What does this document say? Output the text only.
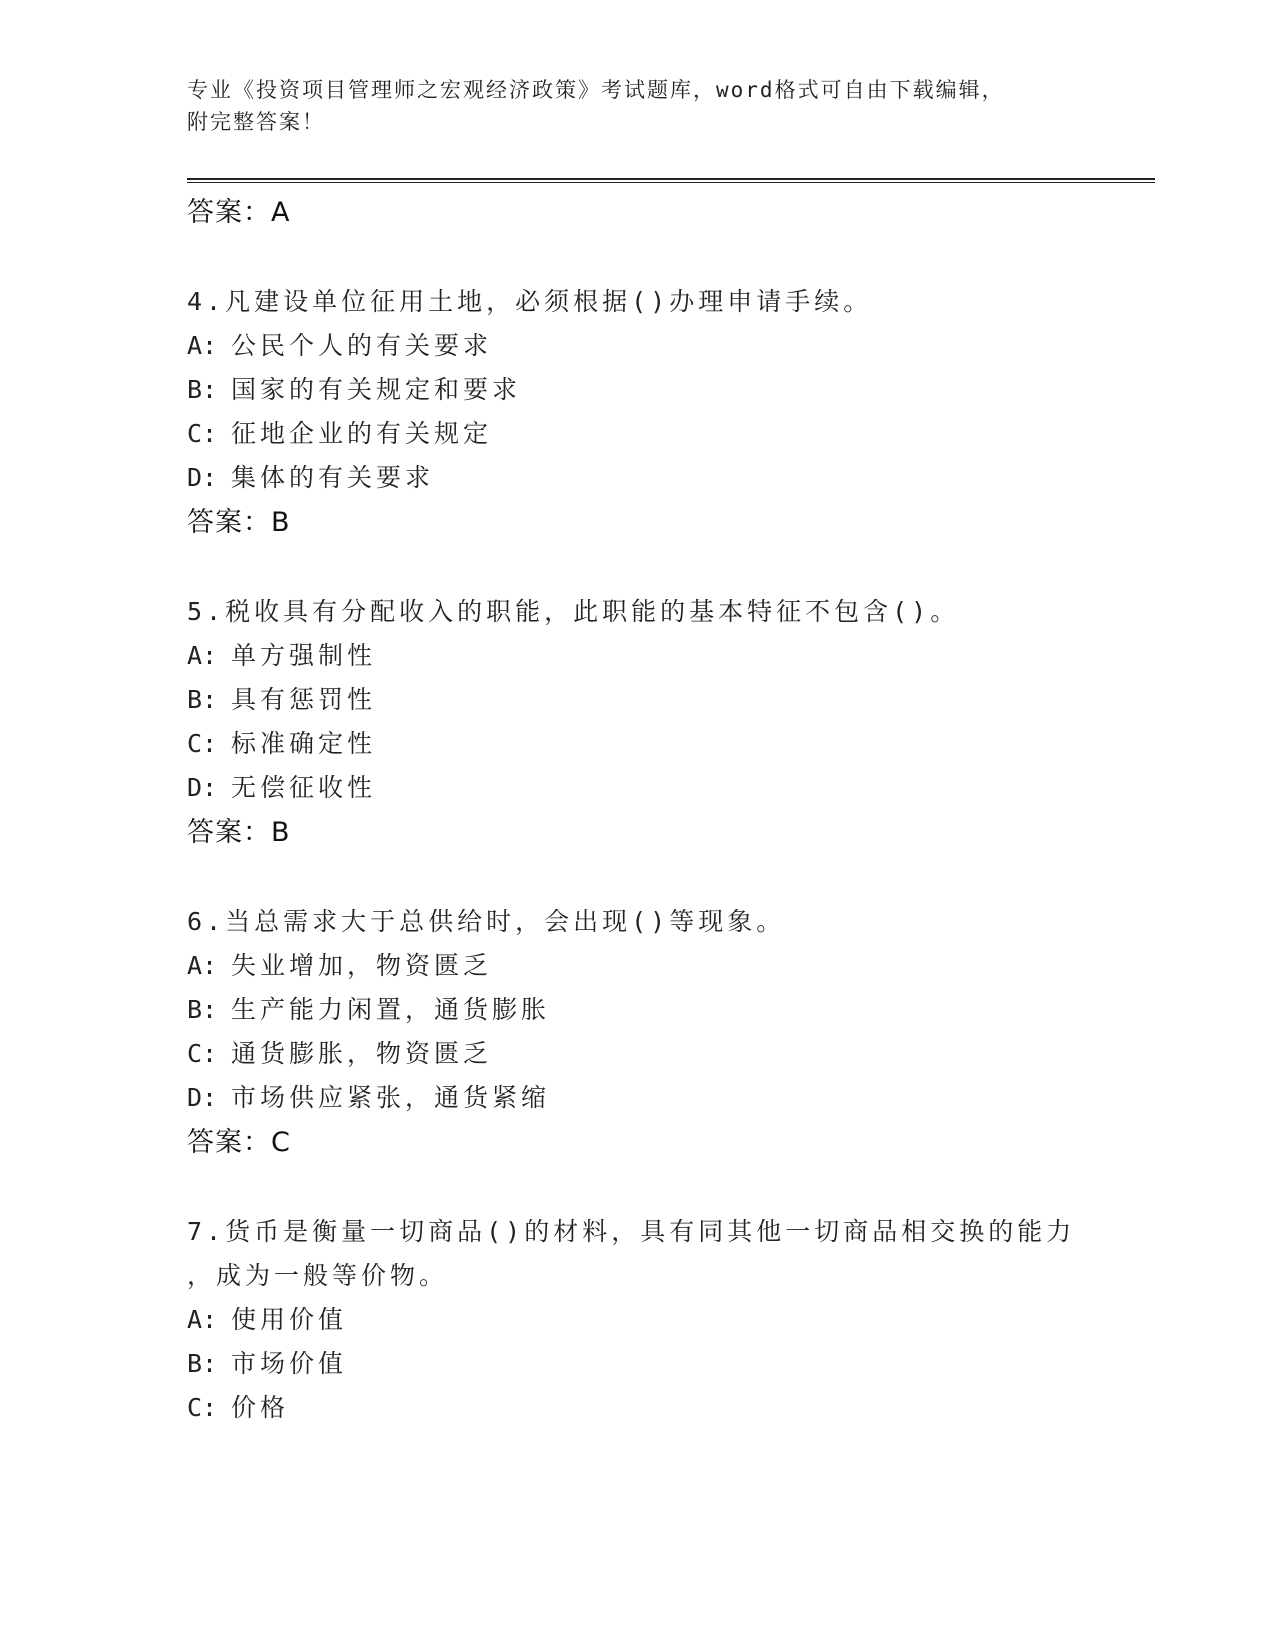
专业《投资项目管理师之宏观经济政策》考试题库，word格式可自由下载编辑，
附完整答案！
答案：A
4.凡建设单位征用土地，必须根据()办理申请手续。
A: 公民个人的有关要求
B: 国家的有关规定和要求
C: 征地企业的有关规定
D: 集体的有关要求
答案：B
5.税收具有分配收入的职能，此职能的基本特征不包含()。
A: 单方强制性
B: 具有惩罚性
C: 标准确定性
D: 无偿征收性
答案：B
6.当总需求大于总供给时，会出现()等现象。
A: 失业增加，物资匮乏
B: 生产能力闲置，通货膨胀
C: 通货膨胀，物资匮乏
D: 市场供应紧张，通货紧缩
答案：C
7.货币是衡量一切商品()的材料，具有同其他一切商品相交换的能力
，成为一般等价物。
A: 使用价值
B: 市场价值
C: 价格
